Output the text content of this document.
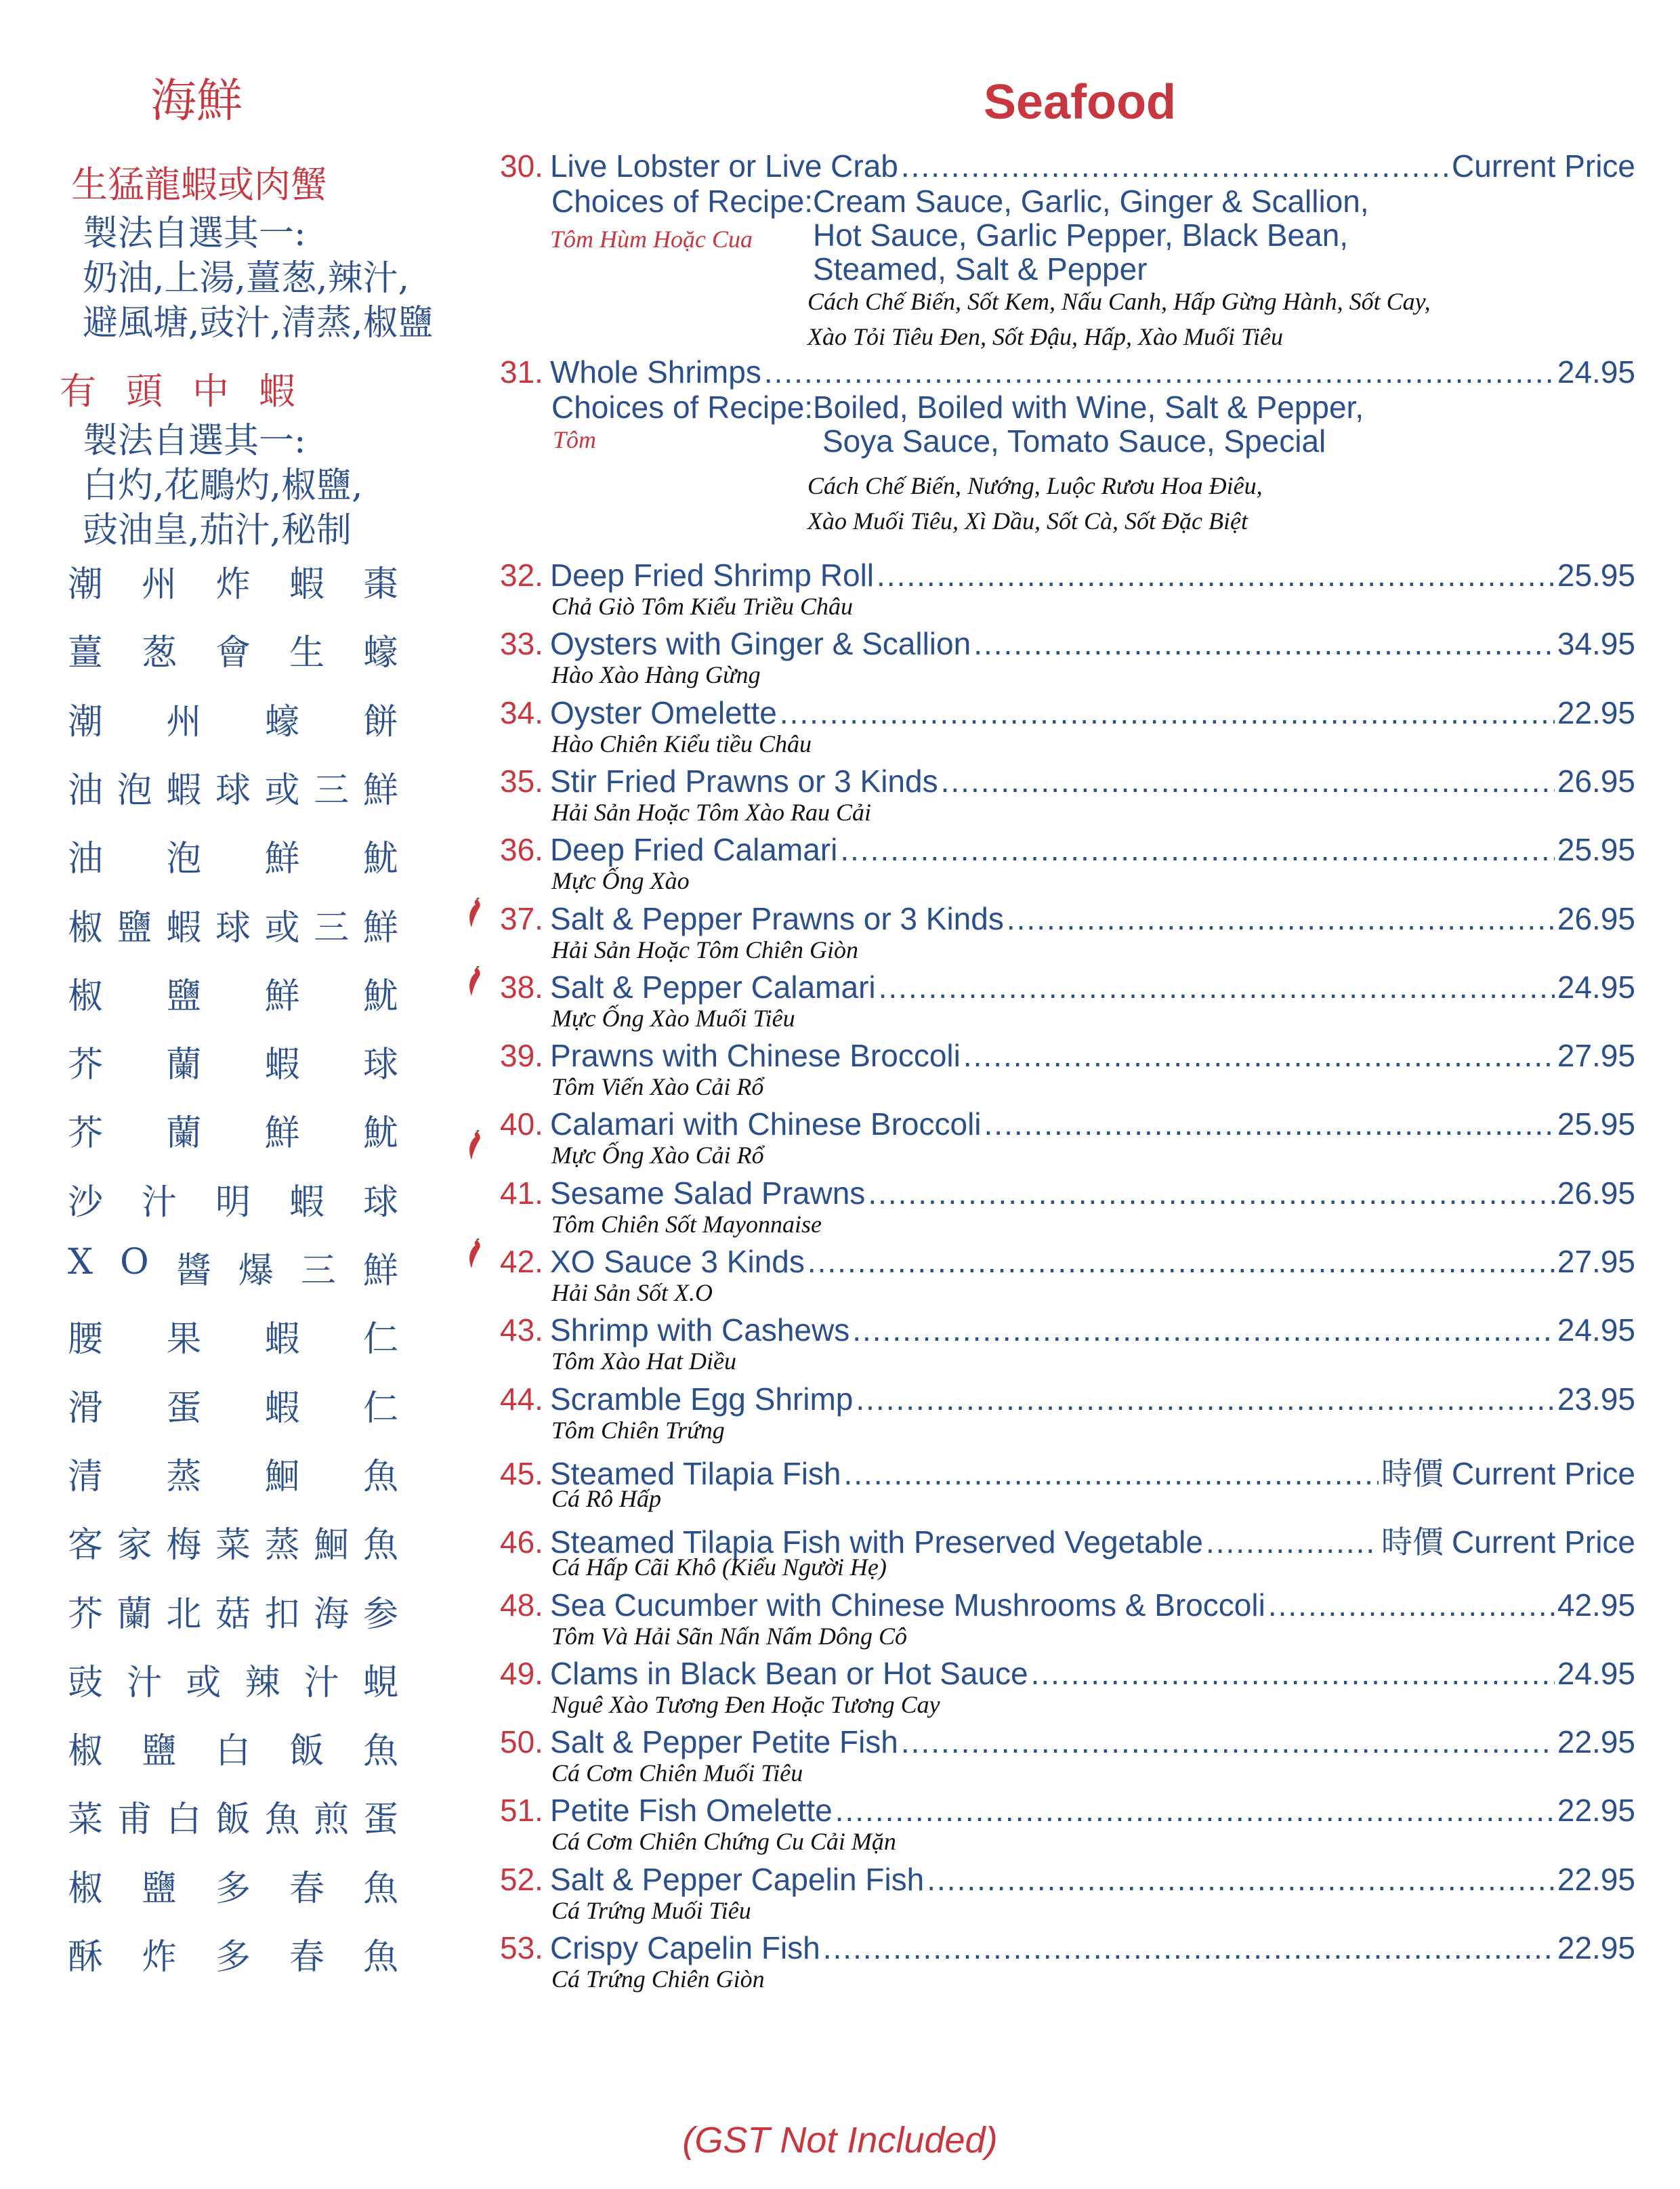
海鮮	Seafood
生猛龍蝦或肉蟹
製法自選其一:
奶油,上湯,薑葱,辣汁,
避風塘,豉汁,清蒸,椒鹽
有頭中蝦
製法自選其一:
白灼,花鵰灼,椒鹽,
豉油皇,茄汁,秘制
潮 州 炸 蝦 棗
薑 葱 會 生 蠔
潮 州 蠔 餅
油 泡 蝦 球 或 三 鮮
油 泡 鮮 魷
椒 鹽 蝦 球 或 三 鮮
椒 鹽 鮮 魷
芥 蘭 蝦 球
芥 蘭 鮮 魷
沙 汁 明 蝦 球
X O 醬 爆 三 鮮
腰 果 蝦 仁
滑 蛋 蝦 仁
清 蒸 鮰 魚
客 家 梅 菜 蒸 鮰 魚
芥 蘭 北 菇 扣 海 参
豉 汁 或 辣 汁 蜆
椒 鹽 白 飯 魚
菜 甫 白 飯 魚 煎 蛋
椒 鹽 多 春 魚
酥 炸 多 春 魚
30. Live Lobster or Live Crab .....	Current Price
Choices of Recipe: Cream Sauce, Garlic, Ginger & Scallion,
Hot Sauce, Garlic Pepper, Black Bean,
Steamed, Salt & Pepper
Tôm Hùm Hoặc Cua
Cách Chế Biến, Sốt Kem, Nấu Canh, Hấp Gừng Hành, Sốt Cay,
Xào Tỏi Tiêu Đen, Sốt Đậu, Hấp, Xào Muối Tiêu
31. Whole Shrimps .....	24.95
Choices of Recipe: Boiled, Boiled with Wine, Salt & Pepper,
Soya Sauce, Tomato Sauce, Special
Tôm
Cách Chế Biến, Nướng, Luộc Rươu Hoa Điêu,
Xào Muối Tiêu, Xì Dầu, Sốt Cà, Sốt Đặc Biệt
32. Deep Fried Shrimp Roll .....	25.95
Chả Giò Tôm Kiểu Triều Châu
33. Oysters with Ginger & Scallion .....	34.95
Hào Xào Hàng Gừng
34. Oyster Omelette .....	22.95
Hào Chiên Kiểu tiều Châu
35. Stir Fried Prawns or 3 Kinds .....	26.95
Hải Sản Hoặc Tôm Xào Rau Cải
36. Deep Fried Calamari .....	25.95
Mực Ống Xào
37. Salt & Pepper Prawns or 3 Kinds .....	26.95
Hải Sản Hoặc Tôm Chiên Giòn
38. Salt & Pepper Calamari .....	24.95
Mực Ống Xào Muối Tiêu
39. Prawns with Chinese Broccoli .....	27.95
Tôm Viến Xào Cải Rổ
40. Calamari with Chinese Broccoli .....	25.95
Mực Ống Xào Cải Rổ
41. Sesame Salad Prawns .....	26.95
Tôm Chiên Sốt Mayonnaise
42. XO Sauce 3 Kinds .....	27.95
Hải Sản Sốt X.O
43. Shrimp with Cashews .....	24.95
Tôm Xào Hat Diều
44. Scramble Egg Shrimp .....	23.95
Tôm Chiên Trứng
45. Steamed Tilapia Fish .....	時價 Current Price
Cá Rô Hấp
46. Steamed Tilapia Fish with Preserved Vegetable .....	時價 Current Price
Cá Hấp Cãi Khô (Kiểu Người Hẹ)
48. Sea Cucumber with Chinese Mushrooms & Broccoli .....	42.95
Tôm Và Hải Sãn Nấn Nấm Dông Cô
49. Clams in Black Bean or Hot Sauce .....	24.95
Nguê Xào Tương Đen Hoặc Tương Cay
50. Salt & Pepper Petite Fish .....	22.95
Cá Cơm Chiên Muối Tiêu
51. Petite Fish Omelette .....	22.95
Cá Cơm Chiên Chứng Cu Cải Mặn
52. Salt & Pepper Capelin Fish .....	22.95
Cá Trứng Muối Tiêu
53. Crispy Capelin Fish .....	22.95
Cá Trứng Chiên Giòn
(GST Not Included)
